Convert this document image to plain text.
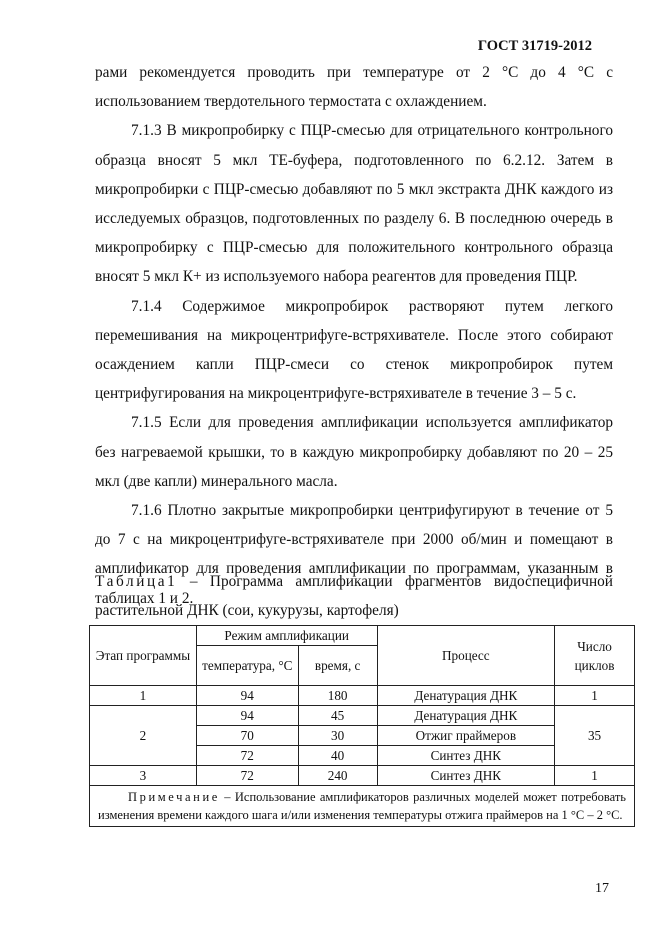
ГОСТ 31719-2012

рами рекомендуется проводить при температуре от 2 °С до 4 °С с использованием твердотельного термостата с охлаждением.

7.1.3 В микропробирку с ПЦР-смесью для отрицательного контрольного образца вносят 5 мкл ТЕ-буфера, подготовленного по 6.2.12. Затем в микропробирки с ПЦР-смесью добавляют по 5 мкл экстракта ДНК каждого из исследуемых образцов, подготовленных по разделу 6. В последнюю очередь в микропробирку с ПЦР-смесью для положительного контрольного образца вносят 5 мкл К+ из используемого набора реагентов для проведения ПЦР.

7.1.4 Содержимое микропробирок растворяют путем легкого перемешивания на микроцентрифуге-встряхивателе. После этого собирают осаждением капли ПЦР-смеси со стенок микропробирок путем центрифугирования на микроцентрифуге-встряхивателе в течение 3 – 5 с.

7.1.5 Если для проведения амплификации используется амплификатор без нагреваемой крышки, то в каждую микропробирку добавляют по 20 – 25 мкл (две капли) минерального масла.

7.1.6 Плотно закрытые микропробирки центрифугируют в течение от 5 до 7 с на микроцентрифуге-встряхивателе при 2000 об/мин и помещают в амплификатор для проведения амплификации по программам, указанным в таблицах 1 и 2.

Таблица1 – Программа амплификации фрагментов видоспецифичной растительной ДНК (сои, кукурузы, картофеля)
Этап программы	Режим амплификации		Процесс	Число циклов
	температура, °С	время, с		
1	94	180	Денатурация ДНК	1
2	94	45	Денатурация ДНК	35
	70	30	Отжиг праймеров	
	72	40	Синтез ДНК	
3	72	240	Синтез ДНК	1
Примечание – Использование амплификаторов различных моделей может потребовать изменения времени каждого шага и/или изменения температуры отжига праймеров на 1 °С – 2 °С.				
17
